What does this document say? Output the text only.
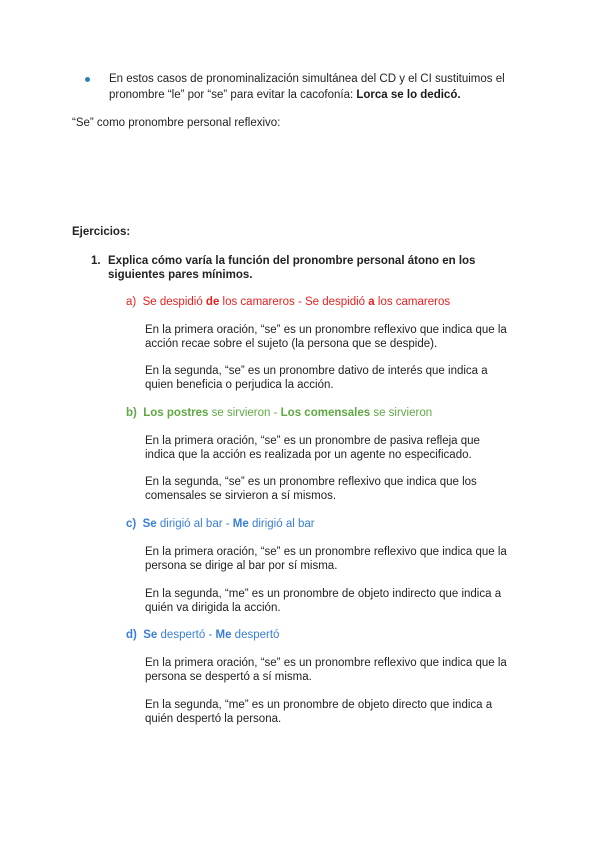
En estos casos de pronominalización simultánea del CD y el CI sustituimos el
pronombre “le” por “se” para evitar la cacofonía: Lorca se lo dedicó.
“Se” como pronombre personal reflexivo:
Ejercicios:
1. Explica cómo varía la función del pronombre personal átono en los
siguientes pares mínimos.
a) Se despidió de los camareros - Se despidió a los camareros
En la primera oración, “se” es un pronombre reflexivo que indica que la
acción recae sobre el sujeto (la persona que se despide).
En la segunda, “se” es un pronombre dativo de interés que indica a
quien beneficia o perjudica la acción.
b) Los postres se sirvieron - Los comensales se sirvieron
En la primera oración, “se” es un pronombre de pasiva refleja que
indica que la acción es realizada por un agente no especificado.
En la segunda, “se” es un pronombre reflexivo que indica que los
comensales se sirvieron a sí mismos.
c) Se dirigió al bar - Me dirigió al bar
En la primera oración, “se” es un pronombre reflexivo que indica que la
persona se dirige al bar por sí misma.
En la segunda, “me” es un pronombre de objeto indirecto que indica a
quién va dirigida la acción.
d) Se despertó - Me despertó
En la primera oración, “se” es un pronombre reflexivo que indica que la
persona se despertó a sí misma.
En la segunda, “me” es un pronombre de objeto directo que indica a
quién despertó la persona.
